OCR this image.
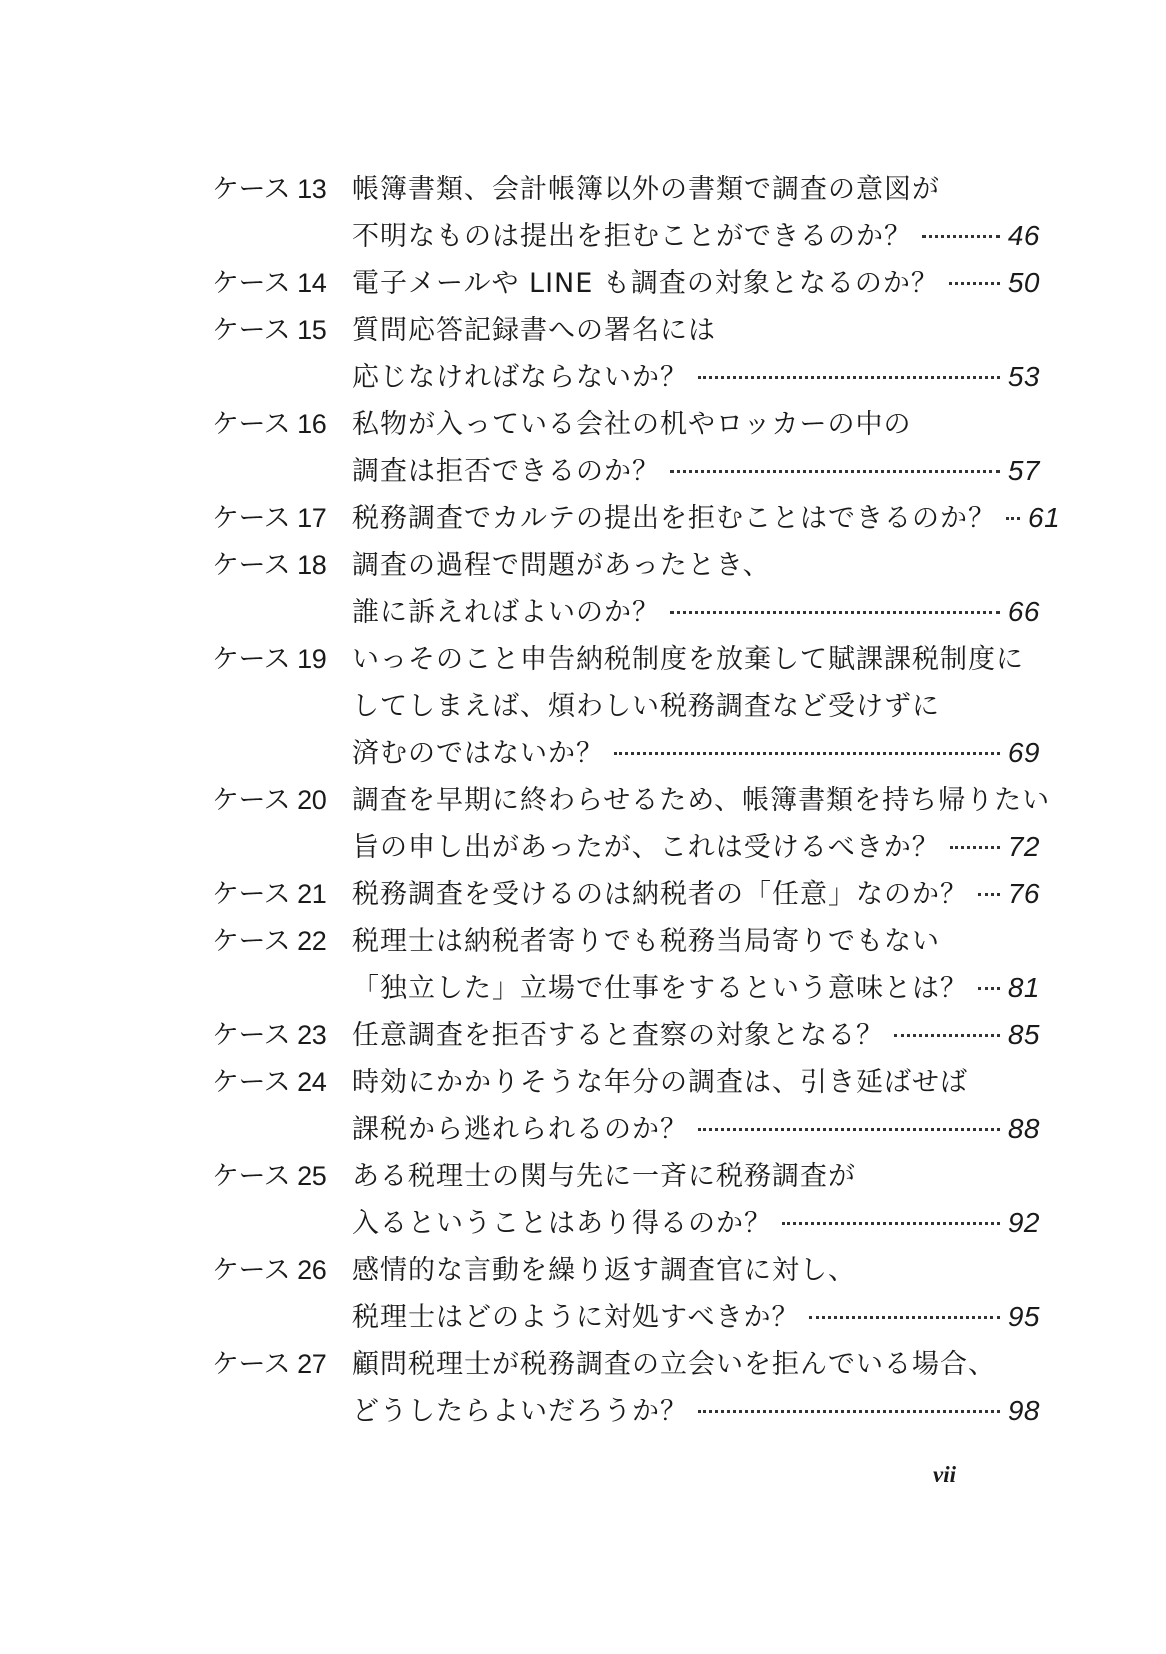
ケース 13 帳簿書類、会計帳簿以外の書類で調査の意図が
不明なものは提出を拒むことができるのか？	46
ケース 14 電子メールや LINE も調査の対象となるのか？ 50
ケース 15 質問応答記録書への署名には
応じなければならないか？	53
ケース 16 私物が入っている会社の机やロッカーの中の
調査は拒否できるのか？	57
ケース 17 税務調査でカルテの提出を拒むことはできるのか？ 61
ケース 18 調査の過程で問題があったとき、
誰に訴えればよいのか？	66
ケース 19 いっそのこと申告納税制度を放棄して賦課課税制度に
してしまえば、煩わしい税務調査など受けずに
済むのではないか？	69
ケース 20 調査を早期に終わらせるため、帳簿書類を持ち帰りたい
旨の申し出があったが、これは受けるべきか？ 72
ケース 21 税務調査を受けるのは納税者の「任意」なのか？ 76
ケース 22 税理士は納税者寄りでも税務当局寄りでもない
「独立した」立場で仕事をするという意味とは？ 81
ケース 23 任意調査を拒否すると査察の対象となる？	85
ケース 24 時効にかかりそうな年分の調査は、引き延ばせば
課税から逃れられるのか？	88
ケース 25 ある税理士の関与先に一斉に税務調査が
入るということはあり得るのか？	92
ケース 26 感情的な言動を繰り返す調査官に対し、
税理士はどのように対処すべきか？	95
ケース 27 顧問税理士が税務調査の立会いを拒んでいる場合、
どうしたらよいだろうか？	98
vii
